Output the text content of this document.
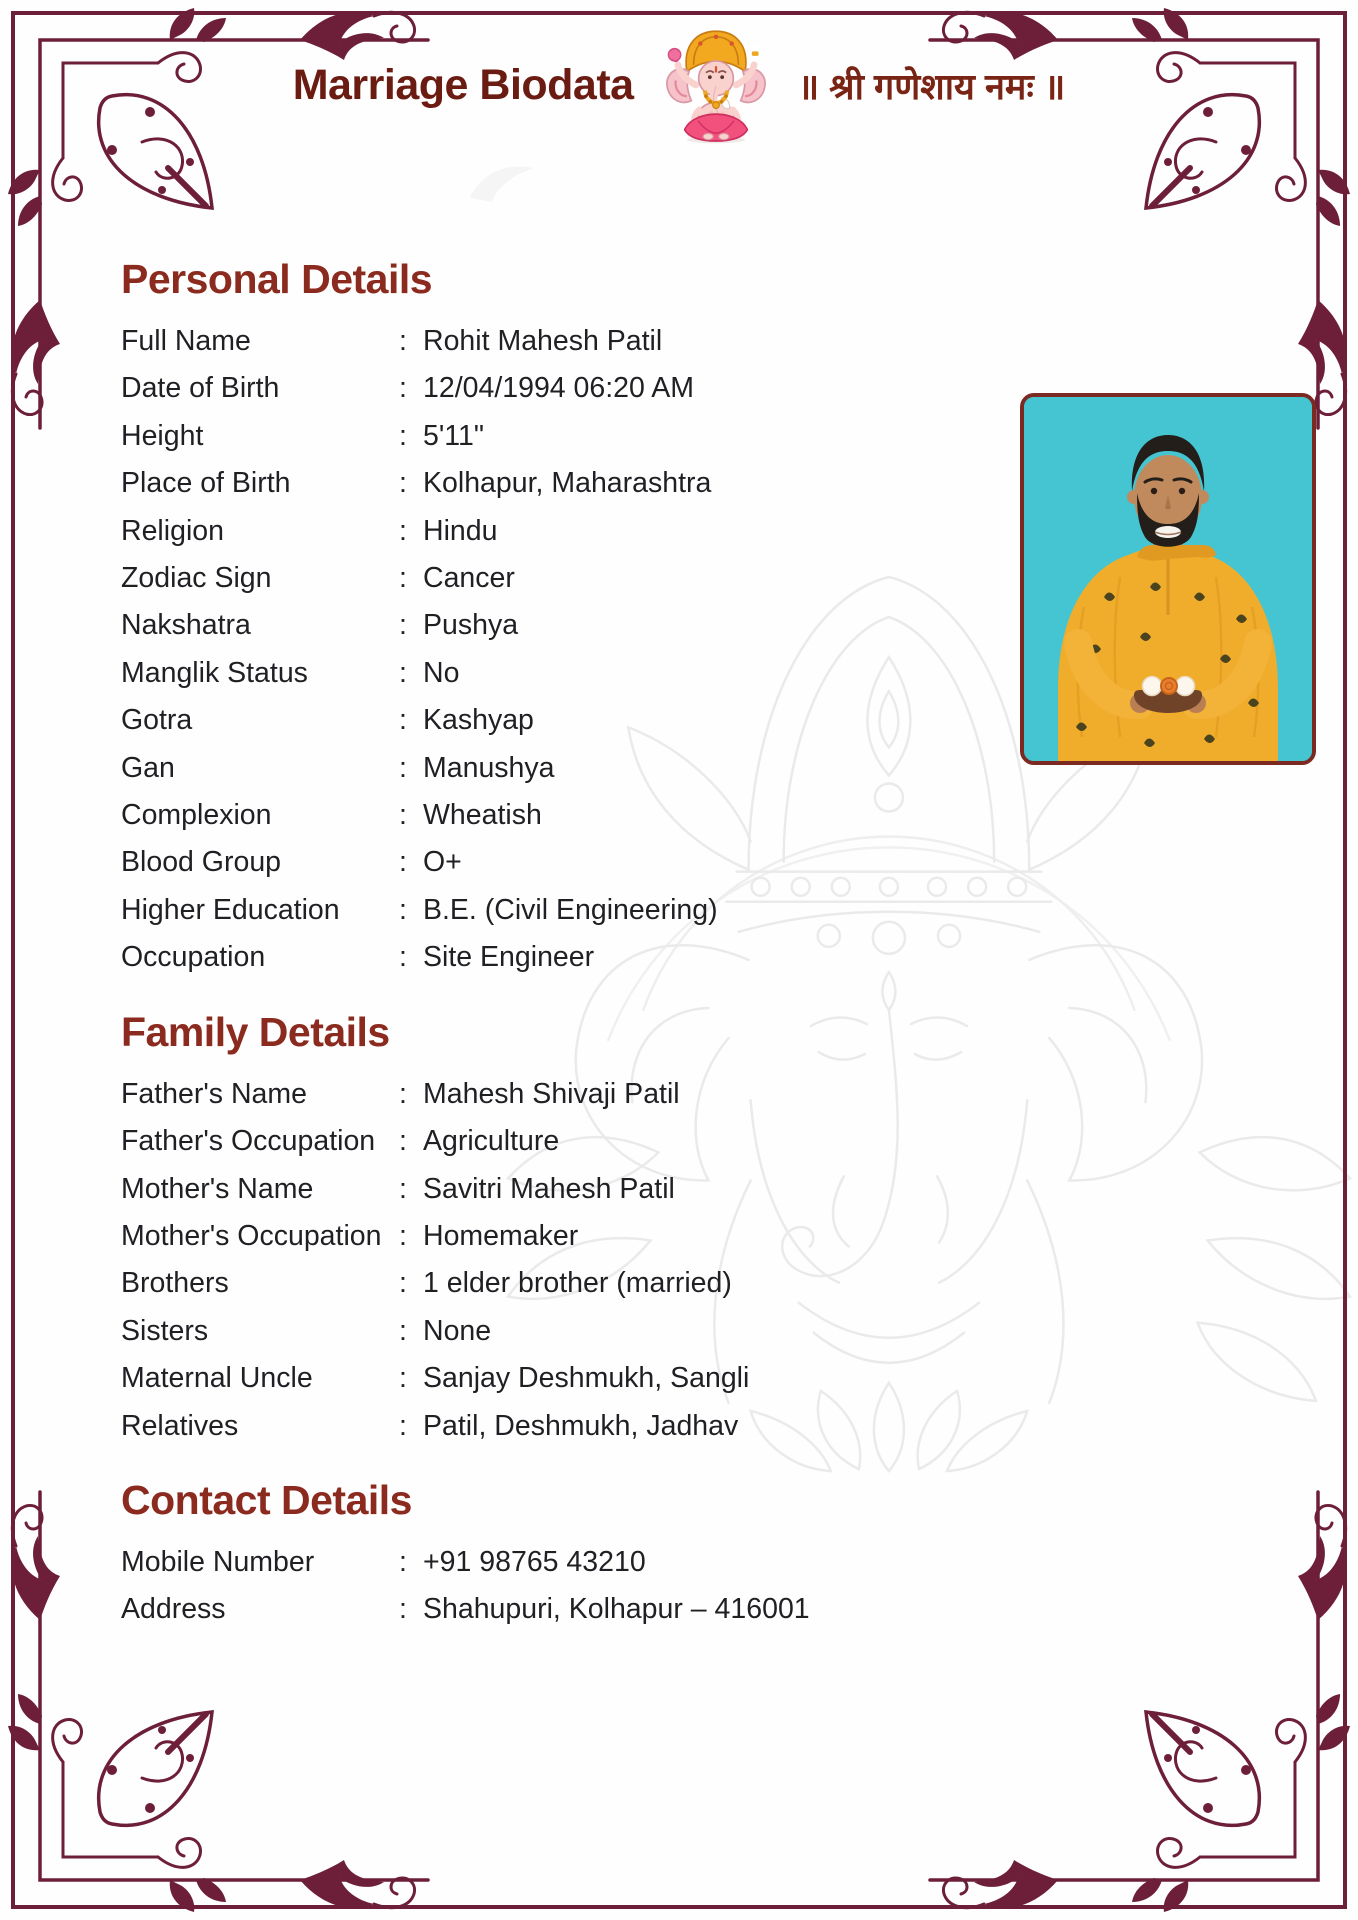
Marriage Biodata	॥ श्री गणेशाय नमः ॥
Personal Details
Full Name	: Rohit Mahesh Patil
Date of Birth	: 12/04/1994 06:20 AM
Height	: 5'11"
Place of Birth	: Kolhapur, Maharashtra
Religion	: Hindu
Zodiac Sign	: Cancer
Nakshatra	: Pushya
Manglik Status	: No
Gotra	: Kashyap
Gan	: Manushya
Complexion	: Wheatish
Blood Group	: O+
Higher Education	: B.E. (Civil Engineering)
Occupation	: Site Engineer
Family Details
Father's Name	: Mahesh Shivaji Patil
Father's Occupation : Agriculture
Mother's Name	: Savitri Mahesh Patil
Mother's Occupation : Homemaker
Brothers	: 1 elder brother (married)
Sisters	: None
Maternal Uncle	: Sanjay Deshmukh, Sangli
Relatives	: Patil, Deshmukh, Jadhav
Contact Details
Mobile Number	: +91 98765 43210
Address	: Shahupuri, Kolhapur – 416001
